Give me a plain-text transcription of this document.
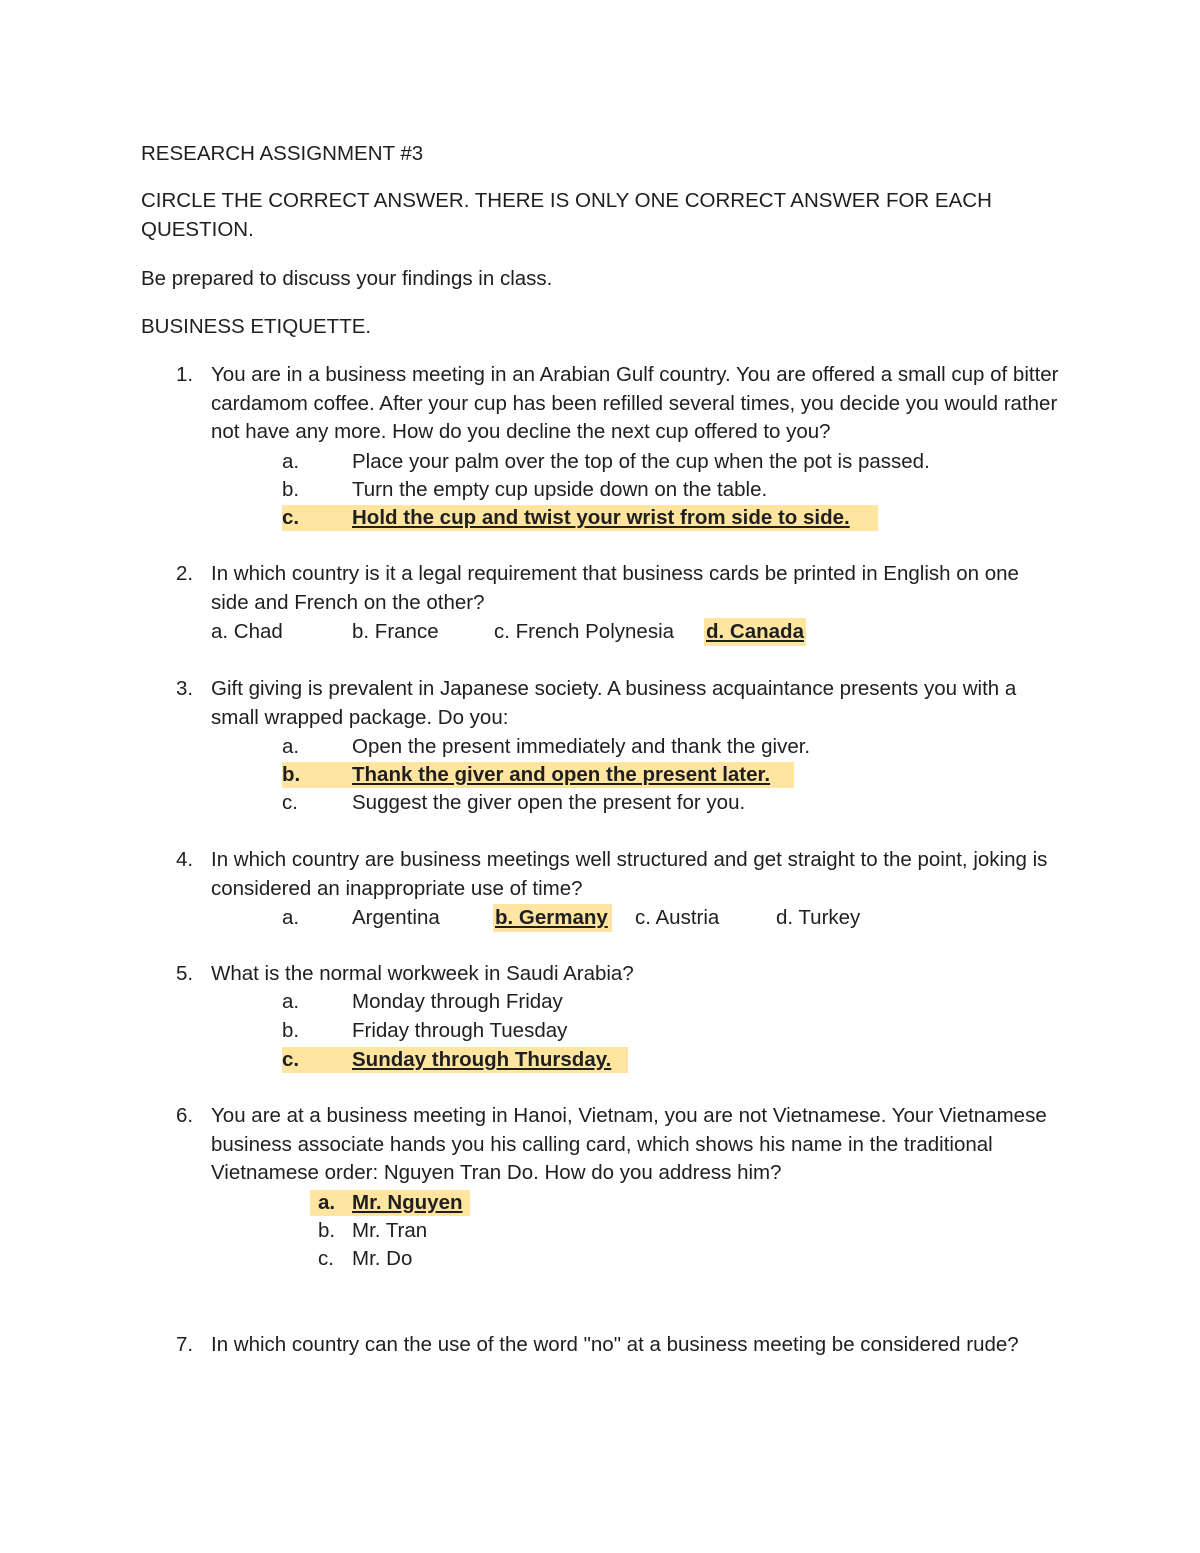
RESEARCH ASSIGNMENT #3
CIRCLE THE CORRECT ANSWER. THERE IS ONLY ONE CORRECT ANSWER FOR EACH QUESTION.
Be prepared to discuss your findings in class.
BUSINESS ETIQUETTE.
1. You are in a business meeting in an Arabian Gulf country. You are offered a small cup of bitter cardamom coffee. After your cup has been refilled several times, you decide you would rather not have any more. How do you decline the next cup offered to you?
a.	Place your palm over the top of the cup when the pot is passed.
b.	Turn the empty cup upside down on the table.
c.	Hold the cup and twist your wrist from side to side.
2. In which country is it a legal requirement that business cards be printed in English on one side and French on the other?
a. Chad	b. France	c. French Polynesia d. Canada
3. Gift giving is prevalent in Japanese society. A business acquaintance presents you with a small wrapped package. Do you:
a.	Open the present immediately and thank the giver.
b.	Thank the giver and open the present later.
c.	Suggest the giver open the present for you.
4. In which country are business meetings well structured and get straight to the point, joking is considered an inappropriate use of time?
a.	Argentina	b. Germany c. Austria	d. Turkey
5. What is the normal workweek in Saudi Arabia?
a.	Monday through Friday
b.	Friday through Tuesday
c.	Sunday through Thursday.
6. You are at a business meeting in Hanoi, Vietnam, you are not Vietnamese. Your Vietnamese business associate hands you his calling card, which shows his name in the traditional Vietnamese order: Nguyen Tran Do. How do you address him?
a. Mr. Nguyen
b. Mr. Tran
c. Mr. Do
7. In which country can the use of the word "no" at a business meeting be considered rude?
